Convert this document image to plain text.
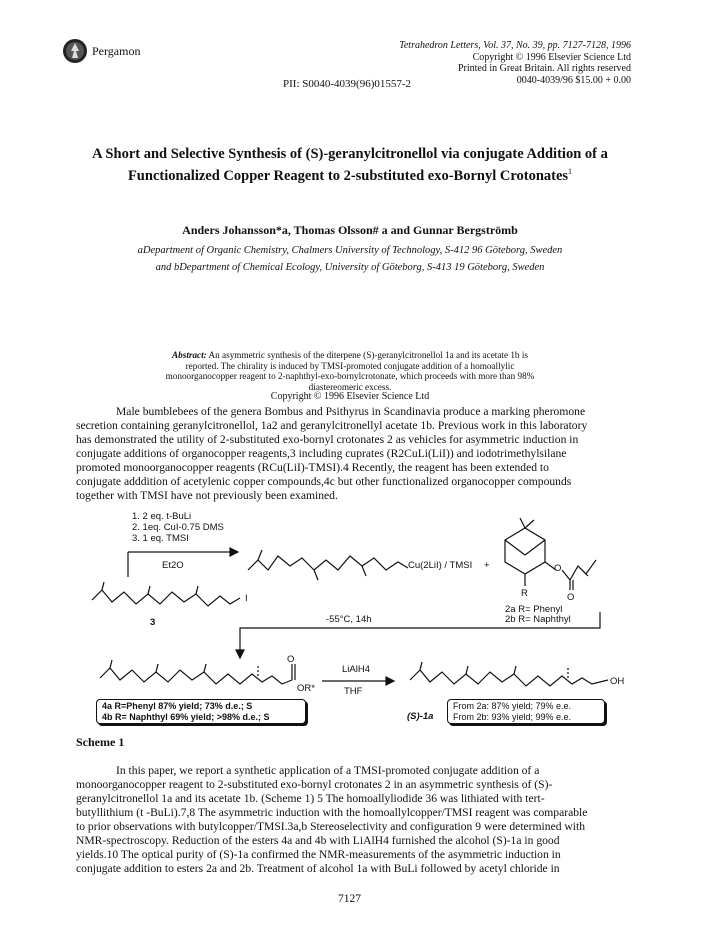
Pergamon	Tetrahedron Letters, Vol. 37, No. 39, pp. 7127-7128, 1996
Copyright © 1996 Elsevier Science Ltd
Printed in Great Britain. All rights reserved
0040-4039/96 $15.00 + 0.00
PII: S0040-4039(96)01557-2
A Short and Selective Synthesis of (S)-geranylcitronellol via conjugate Addition of a
Functionalized Copper Reagent to 2-substituted exo-Bornyl Crotonates$^1$
Anders Johansson*a, Thomas Olsson# a and Gunnar Bergströmb
aDepartment of Organic Chemistry, Chalmers University of Technology, S-412 96 Göteborg, Sweden
and bDepartment of Chemical Ecology, University of Göteborg, S-413 19 Göteborg, Sweden
Abstract: An asymmetric synthesis of the diterpene (S)-geranylcitronellol 1a and its acetate 1b is
reported. The chirality is induced by TMSI-promoted conjugate addition of a homoallylic
monoorganocopper reagent to 2-naphthyl-exo-bornylcrotonate, which proceeds with more than 98%
diastereomeric excess.
Copyright © 1996 Elsevier Science Ltd
Male bumblebees of the genera Bombus and Psithyrus in Scandinavia produce a marking pheromone
secretion containing geranylcitronellol, 1a2 and geranylcitronellyl acetate 1b. Previous work in this laboratory
has demonstrated the utility of 2-substituted exo-bornyl crotonates 2 as vehicles for asymmetric induction in
conjugate additions of organocopper reagents,3 including cuprates (R2CuLi(LiI)) and iodotrimethylsilane
promoted monoorganocopper reagents (RCu(LiI)-TMSI).4 Recently, the reagent has been extended to
conjugate adddition of acetylenic copper compounds,4c but other functionalized organocopper compounds
together with TMSI have not previously been examined.
1. 2 eq. t-BuLi
2. 1eq. CuI-0.75 DMS
3. 1 eq. TMSI
Et2O	Cu(2LiI) / TMSI +	O
R	O
I
3	-55°C, 14h
2a R= Phenyl
2b R= Naphthyl
O
OR*
LiAlH4
THF
OH
4a R=Phenyl 87% yield; 73% d.e.; S
4b R= Naphthyl 69% yield; >98% d.e.; S	(S)-1a
From 2a: 87% yield; 79% e.e.
From 2b: 93% yield; 99% e.e.
Scheme 1
In this paper, we report a synthetic application of a TMSI-promoted conjugate addition of a
monoorganocopper reagent to 2-substituted exo-bornyl crotonates 2 in an asymmetric synthesis of (S)-
geranylcitronellol 1a and its acetate 1b. (Scheme 1) 5 The homoallyliodide 36 was lithiated with tert-
butyllithium (t -BuLi).7,8 The asymmetric induction with the homoallylcopper/TMSI reagent was comparable
to prior observations with butylcopper/TMSI.3a,b Stereoselectivity and configuration 9 were determined with
NMR-spectroscopy. Reduction of the esters 4a and 4b with LiAlH4 furnished the alcohol (S)-1a in good
yields.10 The optical purity of (S)-1a confirmed the NMR-measurements of the asymmetric induction in
conjugate addition to esters 2a and 2b. Treatment of alcohol 1a with BuLi followed by acetyl chloride in
7127
